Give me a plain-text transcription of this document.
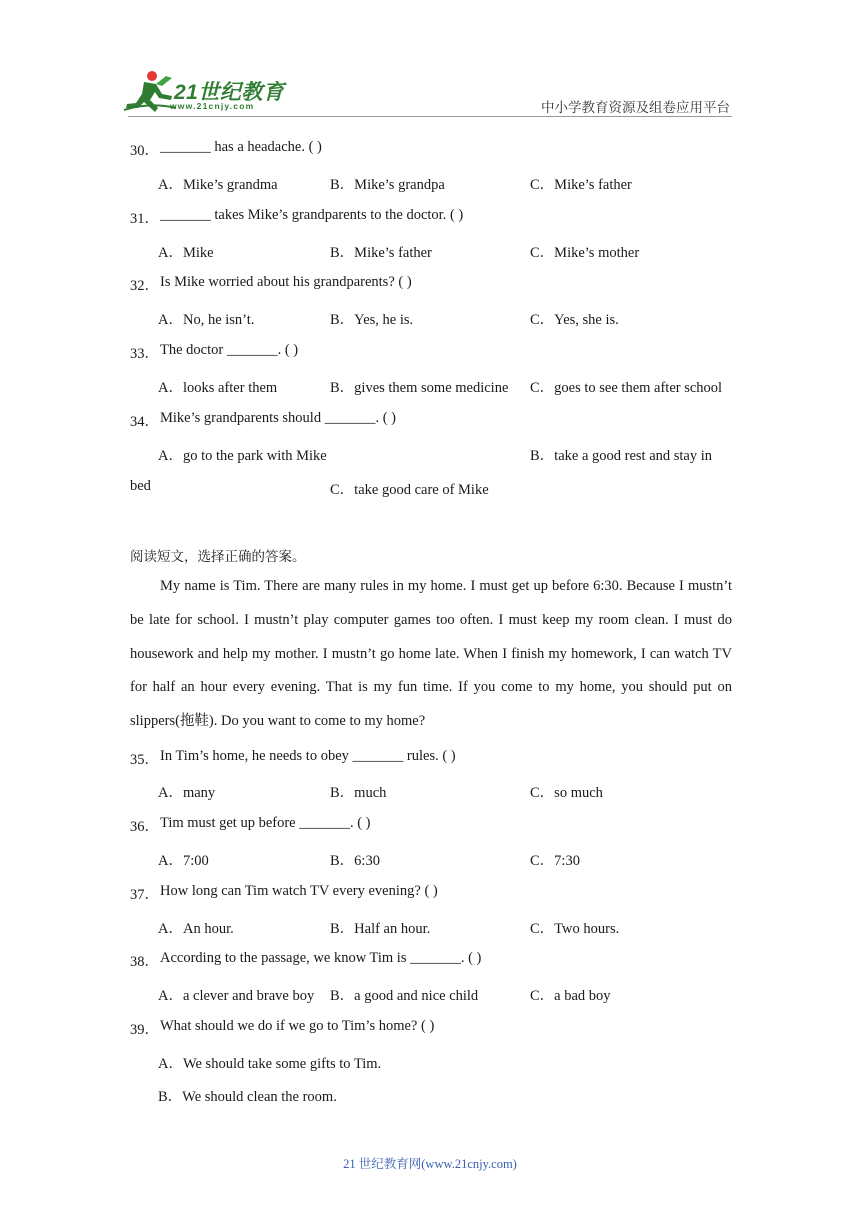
21世纪教育
www.21cnjy.com	中小学教育资源及组卷应用平台
30． _______ has a headache. ( )
A．Mike’s grandma	B．Mike’s grandpa	C．Mike’s father
31． _______ takes Mike’s grandparents to the doctor. ( )
A．Mike	B．Mike’s father	C．Mike’s mother
32． Is Mike worried about his grandparents? ( )
A．No, he isn’t.	B．Yes, he is.	C．Yes, she is.
33． The doctor _______. ( )
A．looks after them	B．gives them some medicine C．goes to see them after school
34． Mike’s grandparents should _______. ( )
A．go to the park with Mike	B．take a good rest and stay in
bed	C．take good care of Mike
阅读短文，选择正确的答案。
My name is Tim. There are many rules in my home. I must get up before 6:30. Because I mustn’t be late for school. I mustn’t play computer games too often. I must keep my room clean. I must do housework and help my mother. I mustn’t go home late. When I finish my homework, I can watch TV for half an hour every evening. That is my fun time. If you come to my home, you should put on slippers(拖鞋). Do you want to come to my home?
35． In Tim’s home, he needs to obey _______ rules. ( )
A．many	B．much	C．so much
36． Tim must get up before _______. ( )
A．7:00	B．6:30	C．7:30
37． How long can Tim watch TV every evening? ( )
A．An hour.	B．Half an hour.	C．Two hours.
38． According to the passage, we know Tim is _______. ( )
A．a clever and brave boy B．a good and nice child	C．a bad boy
39． What should we do if we go to Tim’s home? ( )
A．We should take some gifts to Tim.
B．We should clean the room.
21 世纪教育网(www.21cnjy.com)
